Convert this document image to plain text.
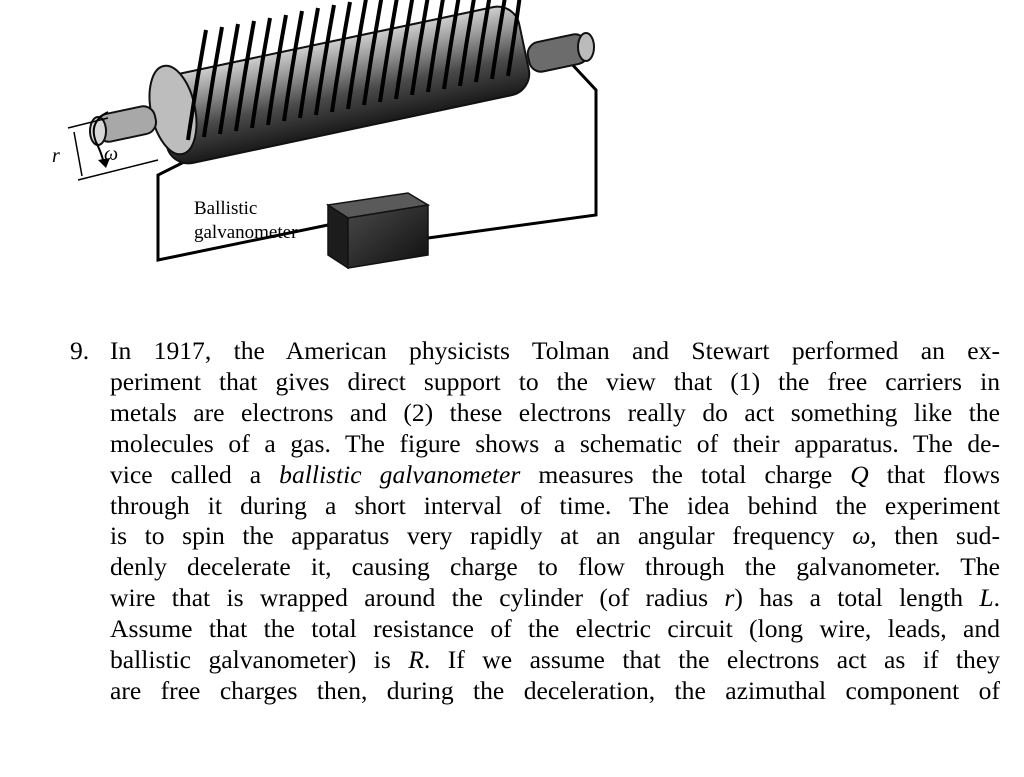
r ω
Ballistic
galvanometer
9. In 1917, the American physicists Tolman and Stewart performed an ex-
periment that gives direct support to the view that (1) the free carriers in
metals are electrons and (2) these electrons really do act something like the
molecules of a gas. The figure shows a schematic of their apparatus. The de-
vice called a ballistic galvanometer measures the total charge Q that flows
through it during a short interval of time. The idea behind the experiment
is to spin the apparatus very rapidly at an angular frequency ω, then sud-
denly decelerate it, causing charge to flow through the galvanometer. The
wire that is wrapped around the cylinder (of radius r) has a total length L.
Assume that the total resistance of the electric circuit (long wire, leads, and
ballistic galvanometer) is R. If we assume that the electrons act as if they
are free charges then, during the deceleration, the azimuthal component of
